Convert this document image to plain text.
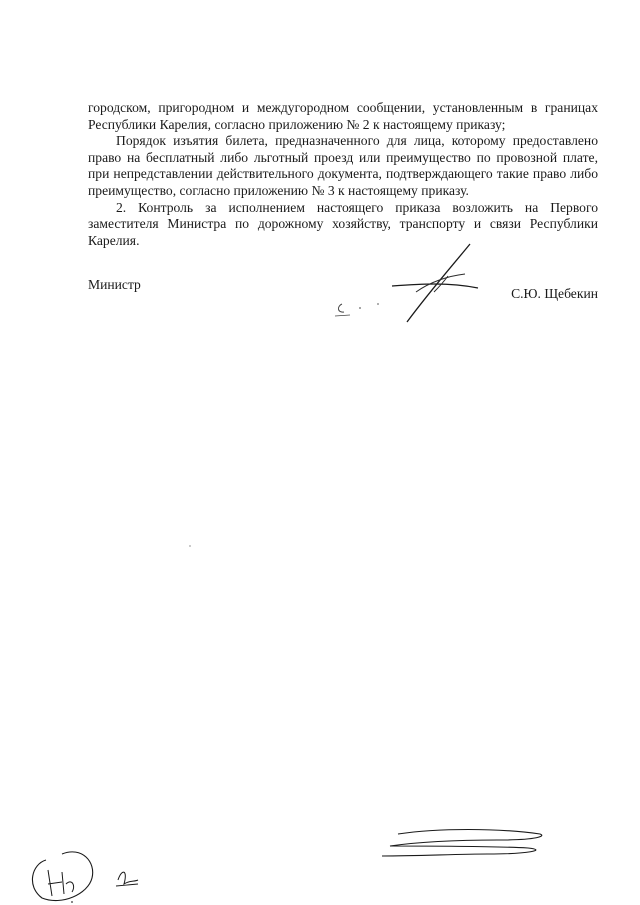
городском, пригородном и междугородном сообщении, установленным в границах Республики Карелия, согласно приложению № 2 к настоящему приказу;

Порядок изъятия билета, предназначенного для лица, которому предоставлено право на бесплатный либо льготный проезд или преимущество по провозной плате, при непредставлении действительного документа, подтверждающего такие право либо преимущество, согласно приложению № 3 к настоящему приказу.

2. Контроль за исполнением настоящего приказа возложить на Первого заместителя Министра по дорожному хозяйству, транспорту и связи Республики Карелия.

Министр
С.Ю. Щебекин
